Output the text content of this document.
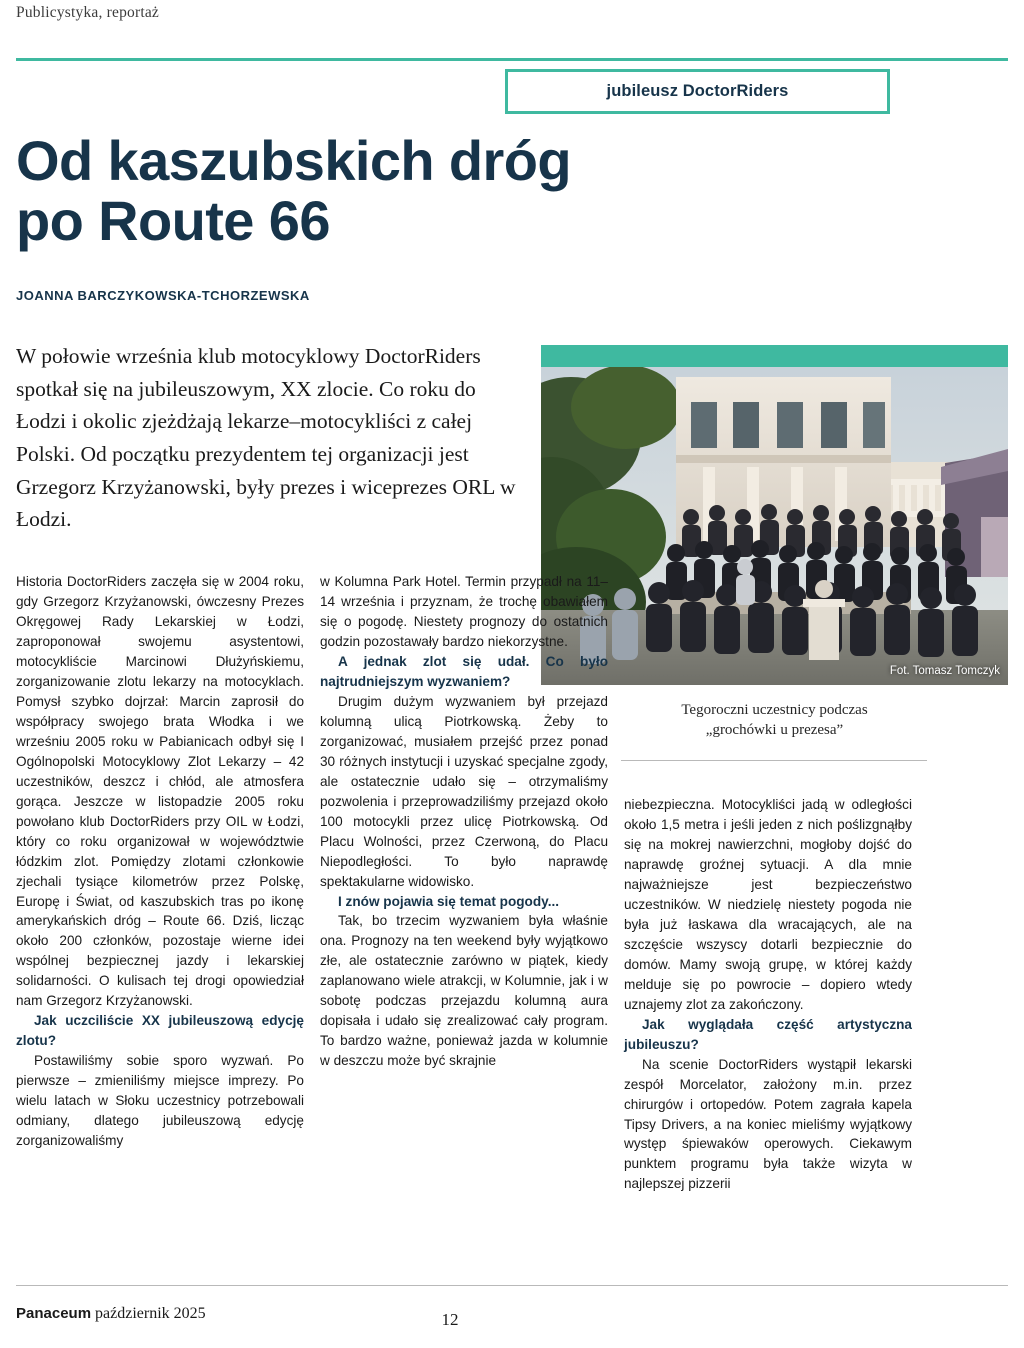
Publicystyka, reportaż
jubileusz DoctorRiders
Od kaszubskich dróg
po Route 66
JOANNA BARCZYKOWSKA-TCHORZEWSKA
W połowie września klub motocyklowy DoctorRiders spotkał się na jubileuszowym, XX zlocie. Co roku do Łodzi i okolic zjeżdżają lekarze–motocykliści z całej Polski. Od początku prezydentem tej organizacji jest Grzegorz Krzyżanowski, były prezes i wiceprezes ORL w Łodzi.
Fot. Tomasz Tomczyk
Tegoroczni uczestnicy podczas
„grochówki u prezesa”

Historia DoctorRiders zaczęła się w 2004 roku, gdy Grzegorz Krzyżanowski, ówczesny Prezes Okręgowej Rady Lekarskiej w Łodzi, zaproponował swojemu asystentowi, motocykliście Marcinowi Dłużyńskiemu, zorganizowanie zlotu lekarzy na motocyklach. Pomysł szybko dojrzał: Marcin zaprosił do współpracy swojego brata Włodka i we wrześniu 2005 roku w Pabianicach odbył się I Ogólnopolski Motocyklowy Zlot Lekarzy – 42 uczestników, deszcz i chłód, ale atmosfera gorąca. Jeszcze w listopadzie 2005 roku powołano klub DoctorRiders przy OIL w Łodzi, który co roku organizował w województwie łódzkim zlot. Pomiędzy zlotami członkowie zjechali tysiące kilometrów przez Polskę, Europę i Świat, od kaszubskich tras po ikonę amerykańskich dróg – Route 66. Dziś, licząc około 200 członków, pozostaje wierne idei wspólnej bezpiecznej jazdy i lekarskiej solidarności. O kulisach tej drogi opowiedział nam Grzegorz Krzyżanowski.

Jak uczciliście XX jubileuszową edycję zlotu?

Postawiliśmy sobie sporo wyzwań. Po pierwsze – zmieniliśmy miejsce imprezy. Po wielu latach w Słoku uczestnicy potrzebowali odmiany, dlatego jubileuszową edycję zorganizowaliśmy

w Kolumna Park Hotel. Termin przypadł na 11–14 września i przyznam, że trochę obawiałem się o pogodę. Niestety prognozy do ostatnich godzin pozostawały bardzo niekorzystne.

A jednak zlot się udał. Co było najtrudniejszym wyzwaniem?

Drugim dużym wyzwaniem był przejazd kolumną ulicą Piotrkowską. Żeby to zorganizować, musiałem przejść przez ponad 30 różnych instytucji i uzyskać specjalne zgody, ale ostatecznie udało się – otrzymaliśmy pozwolenia i przeprowadziliśmy przejazd około 100 motocykli przez ulicę Piotrkowską. Od Placu Wolności, przez Czerwoną, do Placu Niepodległości. To było naprawdę spektakularne widowisko.

I znów pojawia się temat pogody...

Tak, bo trzecim wyzwaniem była właśnie ona. Prognozy na ten weekend były wyjątkowo złe, ale ostatecznie zarówno w piątek, kiedy zaplanowano wiele atrakcji, w Kolumnie, jak i w sobotę podczas przejazdu kolumną aura dopisała i udało się zrealizować cały program. To bardzo ważne, ponieważ jazda w kolumnie w deszczu może być skrajnie

niebezpieczna. Motocykliści jadą w odległości około 1,5 metra i jeśli jeden z nich poślizgnąłby się na mokrej nawierzchni, mogłoby dojść do naprawdę groźnej sytuacji. A dla mnie najważniejsze jest bezpieczeństwo uczestników. W niedzielę niestety pogoda nie była już łaskawa dla wracających, ale na szczęście wszyscy dotarli bezpiecznie do domów. Mamy swoją grupę, w której każdy melduje się po powrocie – dopiero wtedy uznajemy zlot za zakończony.

Jak wyglądała część artystyczna jubileuszu?

Na scenie DoctorRiders wystąpił lekarski zespół Morcelator, założony m.in. przez chirurgów i ortopedów. Potem zagrała kapela Tipsy Drivers, a na koniec mieliśmy wyjątkowy występ śpiewaków operowych. Ciekawym punktem programu była także wizyta w najlepszej pizzerii

Panaceum październik 2025	12
